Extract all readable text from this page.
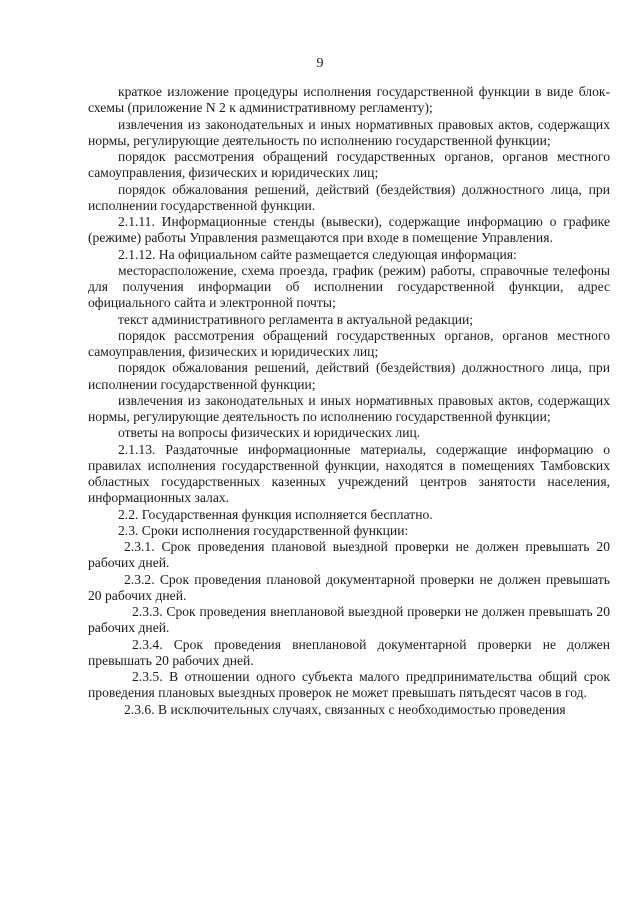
9

краткое изложение процедуры исполнения государственной функции в виде блок-схемы (приложение N 2 к административному регламенту);

извлечения из законодательных и иных нормативных правовых актов, содержащих нормы, регулирующие деятельность по исполнению государственной функции;

порядок рассмотрения обращений государственных органов, органов местного самоуправления, физических и юридических лиц;

порядок обжалования решений, действий (бездействия) должностного лица, при исполнении государственной функции.

2.1.11. Информационные стенды (вывески), содержащие информацию о графике (режиме) работы Управления размещаются при входе в помещение Управления.

2.1.12. На официальном сайте размещается следующая информация:

месторасположение, схема проезда, график (режим) работы, справочные телефоны для получения информации об исполнении государственной функции, адрес официального сайта и электронной почты;

текст административного регламента в актуальной редакции;

порядок рассмотрения обращений государственных органов, органов местного самоуправления, физических и юридических лиц;

порядок обжалования решений, действий (бездействия) должностного лица, при исполнении государственной функции;

извлечения из законодательных и иных нормативных правовых актов, содержащих нормы, регулирующие деятельность по исполнению государственной функции;

ответы на вопросы физических и юридических лиц.

2.1.13. Раздаточные информационные материалы, содержащие информацию о правилах исполнения государственной функции, находятся в помещениях Тамбовских областных государственных казенных учреждений центров занятости населения, информационных залах.

2.2. Государственная функция исполняется бесплатно.

2.3. Сроки исполнения государственной функции:

2.3.1. Срок проведения плановой выездной проверки не должен превышать 20 рабочих дней.

2.3.2. Срок проведения плановой документарной проверки не должен превышать 20 рабочих дней.

2.3.3. Срок проведения внеплановой выездной проверки не должен превышать 20 рабочих дней.

2.3.4. Срок проведения внеплановой документарной проверки не должен превышать 20 рабочих дней.

2.3.5. В отношении одного субъекта малого предпринимательства общий срок проведения плановых выездных проверок не может превышать пятьдесят часов в год.

2.3.6. В исключительных случаях, связанных с необходимостью проведения
